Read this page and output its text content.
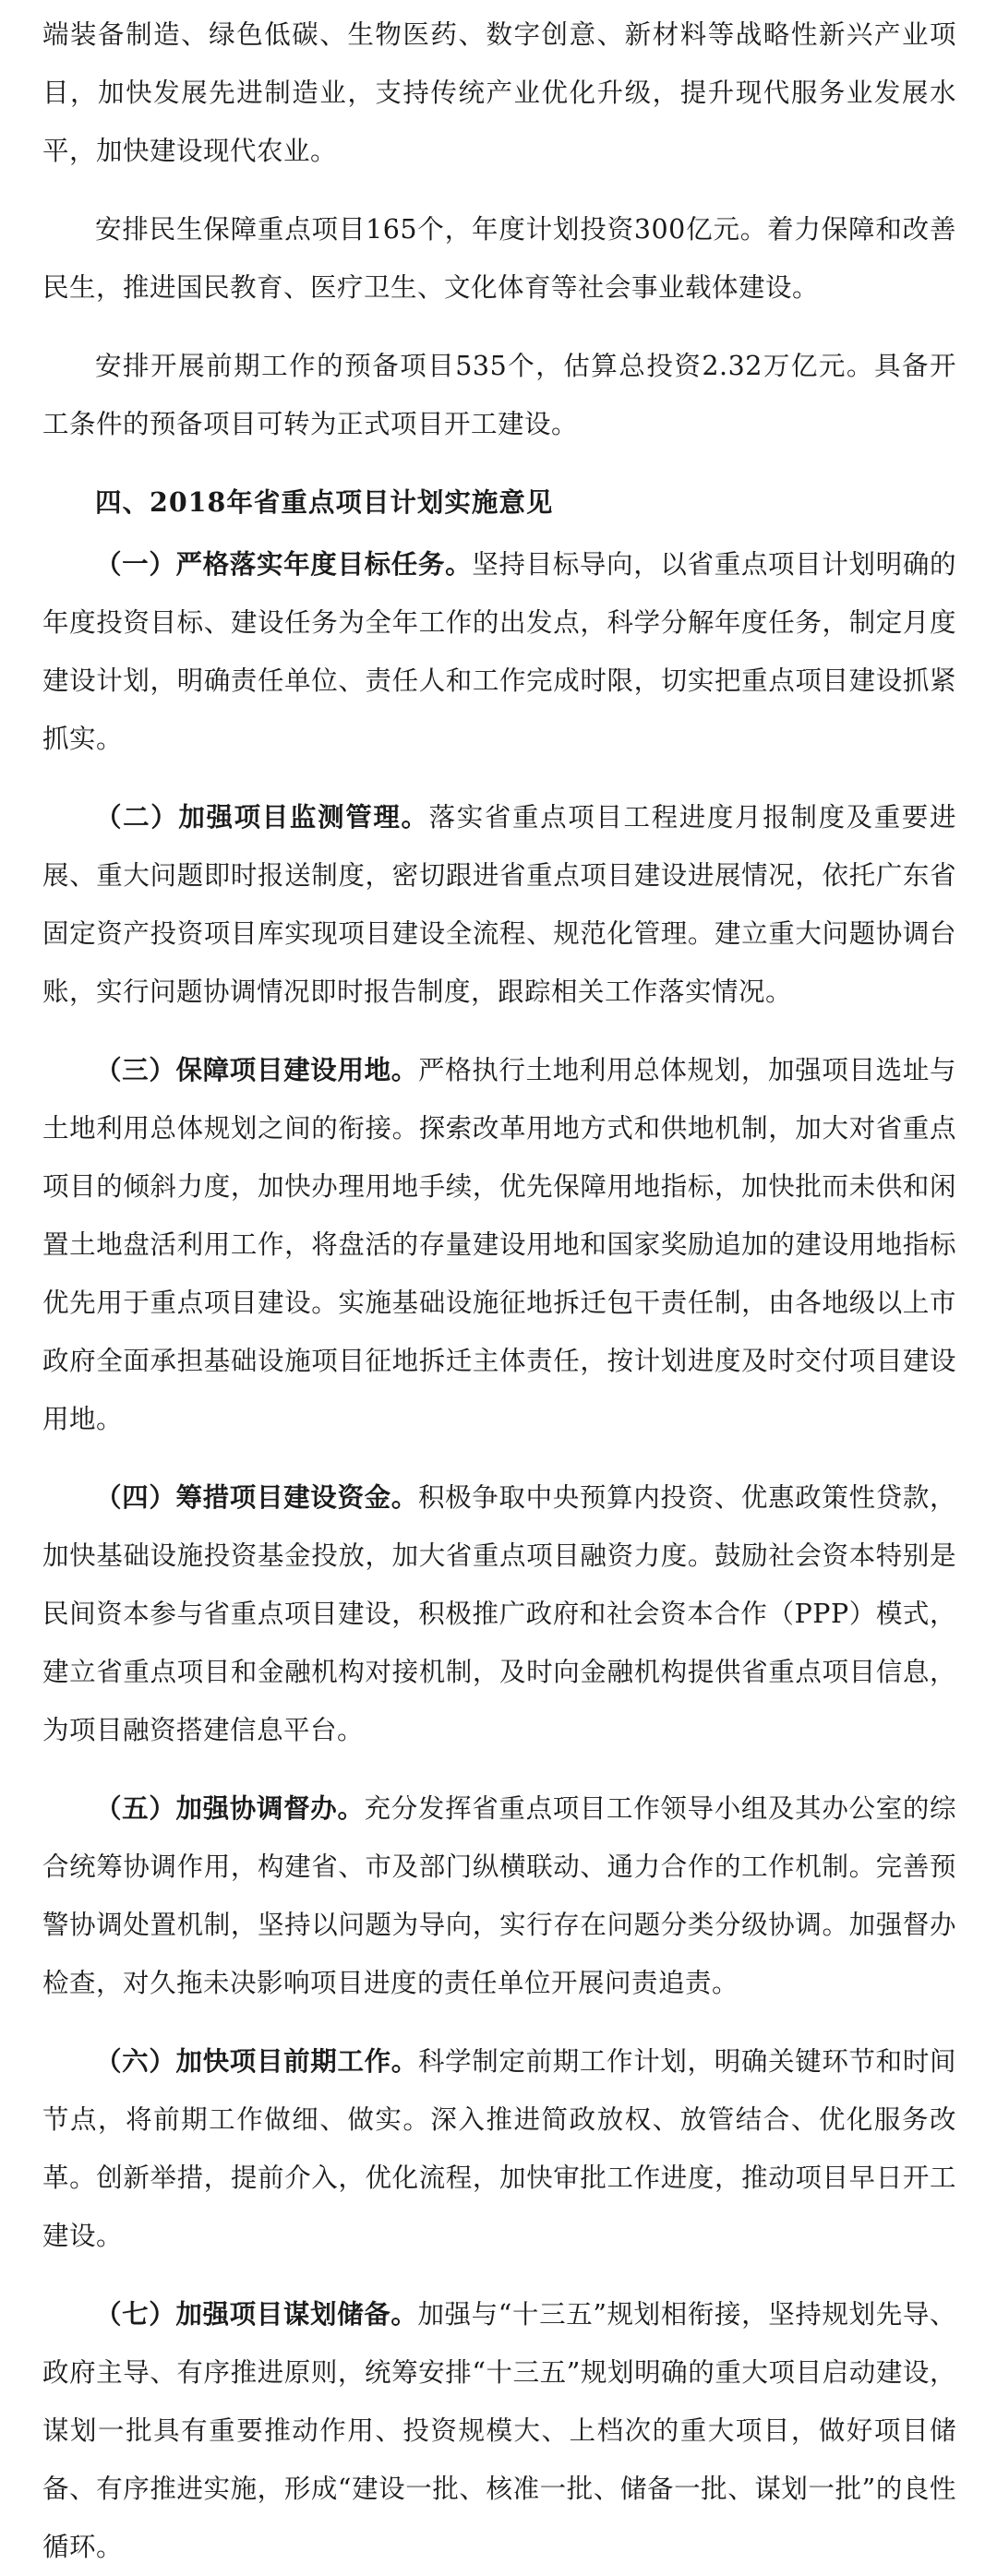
端装备制造、绿色低碳、生物医药、数字创意、新材料等战略性新兴产业项目，加快发展先进制造业，支持传统产业优化升级，提升现代服务业发展水平，加快建设现代农业。

安排民生保障重点项目165个，年度计划投资300亿元。着力保障和改善民生，推进国民教育、医疗卫生、文化体育等社会事业载体建设。

安排开展前期工作的预备项目535个，估算总投资2.32万亿元。具备开工条件的预备项目可转为正式项目开工建设。

四、2018年省重点项目计划实施意见

（一）严格落实年度目标任务。坚持目标导向，以省重点项目计划明确的年度投资目标、建设任务为全年工作的出发点，科学分解年度任务，制定月度建设计划，明确责任单位、责任人和工作完成时限，切实把重点项目建设抓紧抓实。

（二）加强项目监测管理。落实省重点项目工程进度月报制度及重要进展、重大问题即时报送制度，密切跟进省重点项目建设进展情况，依托广东省固定资产投资项目库实现项目建设全流程、规范化管理。建立重大问题协调台账，实行问题协调情况即时报告制度，跟踪相关工作落实情况。

（三）保障项目建设用地。严格执行土地利用总体规划，加强项目选址与土地利用总体规划之间的衔接。探索改革用地方式和供地机制，加大对省重点项目的倾斜力度，加快办理用地手续，优先保障用地指标，加快批而未供和闲置土地盘活利用工作，将盘活的存量建设用地和国家奖励追加的建设用地指标优先用于重点项目建设。实施基础设施征地拆迁包干责任制，由各地级以上市政府全面承担基础设施项目征地拆迁主体责任，按计划进度及时交付项目建设用地。

（四）筹措项目建设资金。积极争取中央预算内投资、优惠政策性贷款，加快基础设施投资基金投放，加大省重点项目融资力度。鼓励社会资本特别是民间资本参与省重点项目建设，积极推广政府和社会资本合作（PPP）模式，建立省重点项目和金融机构对接机制，及时向金融机构提供省重点项目信息，为项目融资搭建信息平台。

（五）加强协调督办。充分发挥省重点项目工作领导小组及其办公室的综合统筹协调作用，构建省、市及部门纵横联动、通力合作的工作机制。完善预警协调处置机制，坚持以问题为导向，实行存在问题分类分级协调。加强督办检查，对久拖未决影响项目进度的责任单位开展问责追责。

（六）加快项目前期工作。科学制定前期工作计划，明确关键环节和时间节点，将前期工作做细、做实。深入推进简政放权、放管结合、优化服务改革。创新举措，提前介入，优化流程，加快审批工作进度，推动项目早日开工建设。

（七）加强项目谋划储备。加强与“十三五”规划相衔接，坚持规划先导、政府主导、有序推进原则，统筹安排“十三五”规划明确的重大项目启动建设，谋划一批具有重要推动作用、投资规模大、上档次的重大项目，做好项目储备、有序推进实施，形成“建设一批、核准一批、储备一批、谋划一批”的良性循环。
